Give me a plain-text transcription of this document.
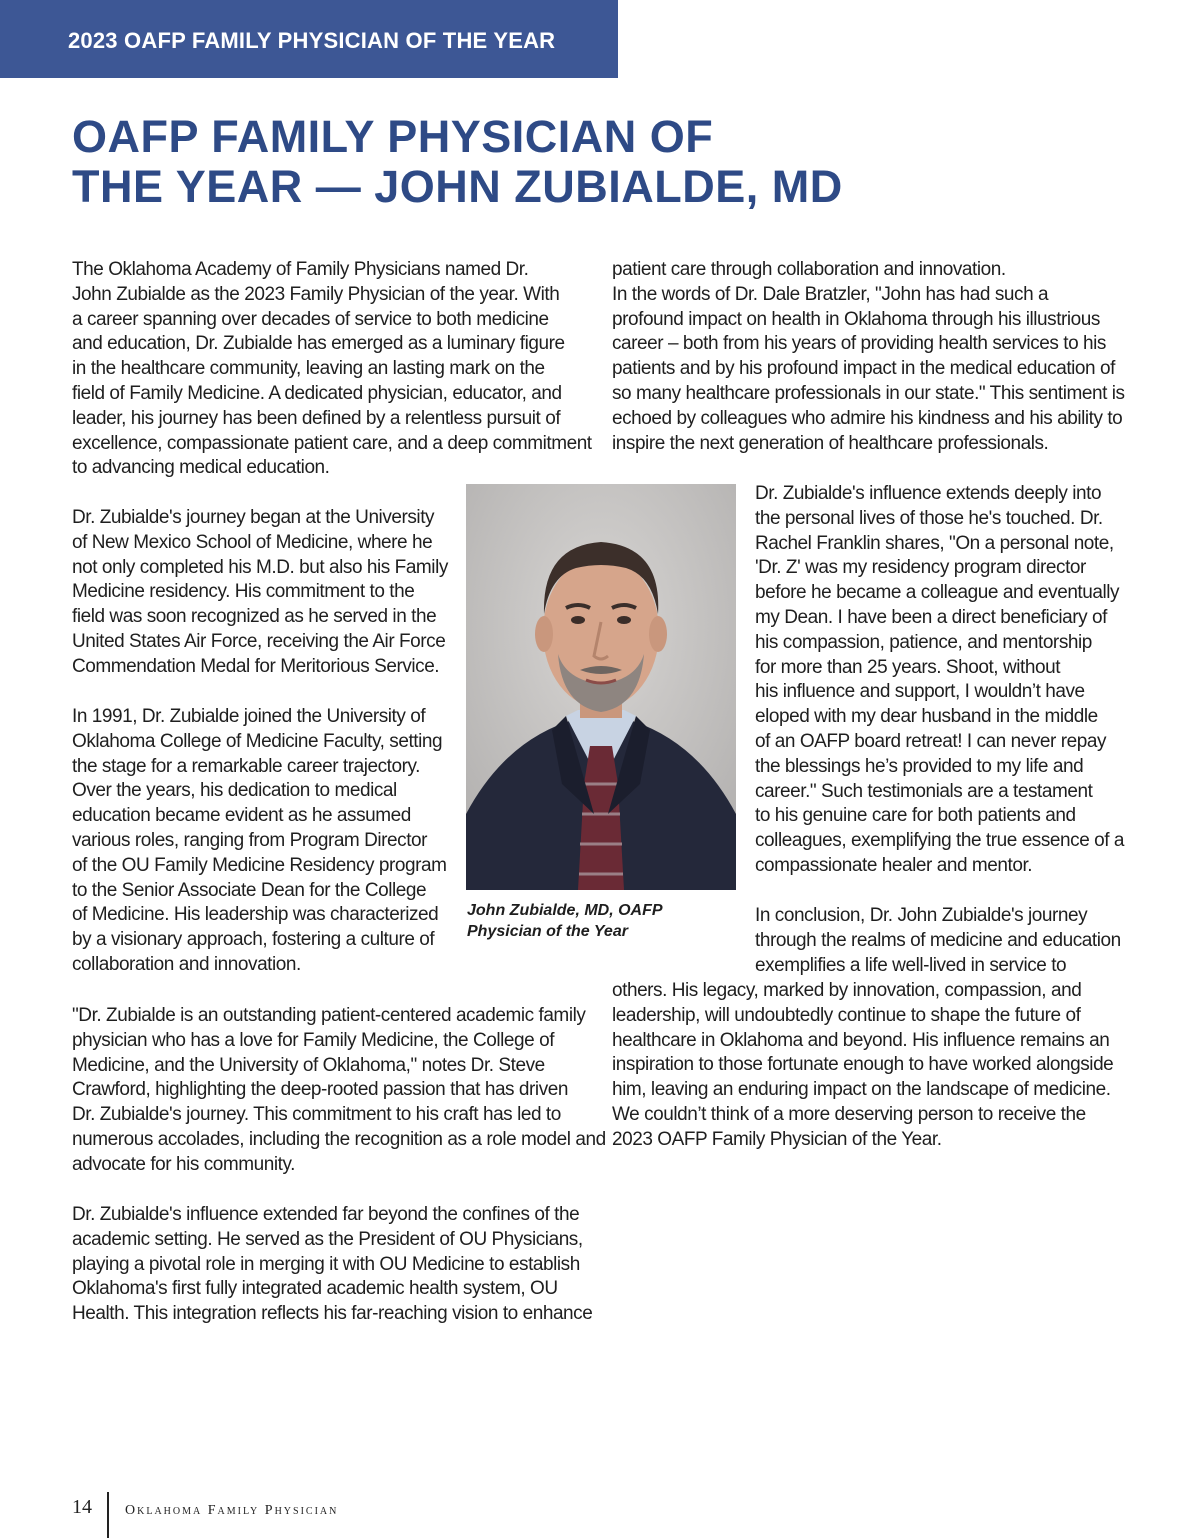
2023 OAFP FAMILY PHYSICIAN OF THE YEAR
OAFP FAMILY PHYSICIAN OF
THE YEAR — JOHN ZUBIALDE, MD

The Oklahoma Academy of Family Physicians named Dr.
John Zubialde as the 2023 Family Physician of the year. With
a career spanning over decades of service to both medicine
and education, Dr. Zubialde has emerged as a luminary figure
in the healthcare community, leaving an lasting mark on the
field of Family Medicine. A dedicated physician, educator, and
leader, his journey has been defined by a relentless pursuit of
excellence, compassionate patient care, and a deep commitment
to advancing medical education.

Dr. Zubialde's journey began at the University
of New Mexico School of Medicine, where he
not only completed his M.D. but also his Family
Medicine residency. His commitment to the
field was soon recognized as he served in the
United States Air Force, receiving the Air Force
Commendation Medal for Meritorious Service.

In 1991, Dr. Zubialde joined the University of
Oklahoma College of Medicine Faculty, setting
the stage for a remarkable career trajectory.
Over the years, his dedication to medical
education became evident as he assumed
various roles, ranging from Program Director
of the OU Family Medicine Residency program
to the Senior Associate Dean for the College
of Medicine. His leadership was characterized
by a visionary approach, fostering a culture of
collaboration and innovation.

"Dr. Zubialde is an outstanding patient-centered academic family
physician who has a love for Family Medicine, the College of
Medicine, and the University of Oklahoma," notes Dr. Steve
Crawford, highlighting the deep-rooted passion that has driven
Dr. Zubialde's journey. This commitment to his craft has led to
numerous accolades, including the recognition as a role model and
advocate for his community.

Dr. Zubialde's influence extended far beyond the confines of the
academic setting. He served as the President of OU Physicians,
playing a pivotal role in merging it with OU Medicine to establish
Oklahoma's first fully integrated academic health system, OU
Health. This integration reflects his far-reaching vision to enhance

patient care through collaboration and innovation.
In the words of Dr. Dale Bratzler, "John has had such a
profound impact on health in Oklahoma through his illustrious
career – both from his years of providing health services to his
patients and by his profound impact in the medical education of
so many healthcare professionals in our state." This sentiment is
echoed by colleagues who admire his kindness and his ability to
inspire the next generation of healthcare professionals.

Dr. Zubialde's influence extends deeply into
the personal lives of those he's touched. Dr.
Rachel Franklin shares, "On a personal note,
'Dr. Z' was my residency program director
before he became a colleague and eventually
my Dean. I have been a direct beneficiary of
his compassion, patience, and mentorship
for more than 25 years. Shoot, without
his influence and support, I wouldn’t have
eloped with my dear husband in the middle
of an OAFP board retreat! I can never repay
the blessings he’s provided to my life and
career." Such testimonials are a testament
to his genuine care for both patients and
colleagues, exemplifying the true essence of a
compassionate healer and mentor.

In conclusion, Dr. John Zubialde's journey
through the realms of medicine and education
exemplifies a life well-lived in service to

others. His legacy, marked by innovation, compassion, and
leadership, will undoubtedly continue to shape the future of
healthcare in Oklahoma and beyond. His influence remains an
inspiration to those fortunate enough to have worked alongside
him, leaving an enduring impact on the landscape of medicine.
We couldn’t think of a more deserving person to receive the
2023 OAFP Family Physician of the Year.

John Zubialde, MD, OAFP
Physician of the Year

14 Oklahoma Family Physician
